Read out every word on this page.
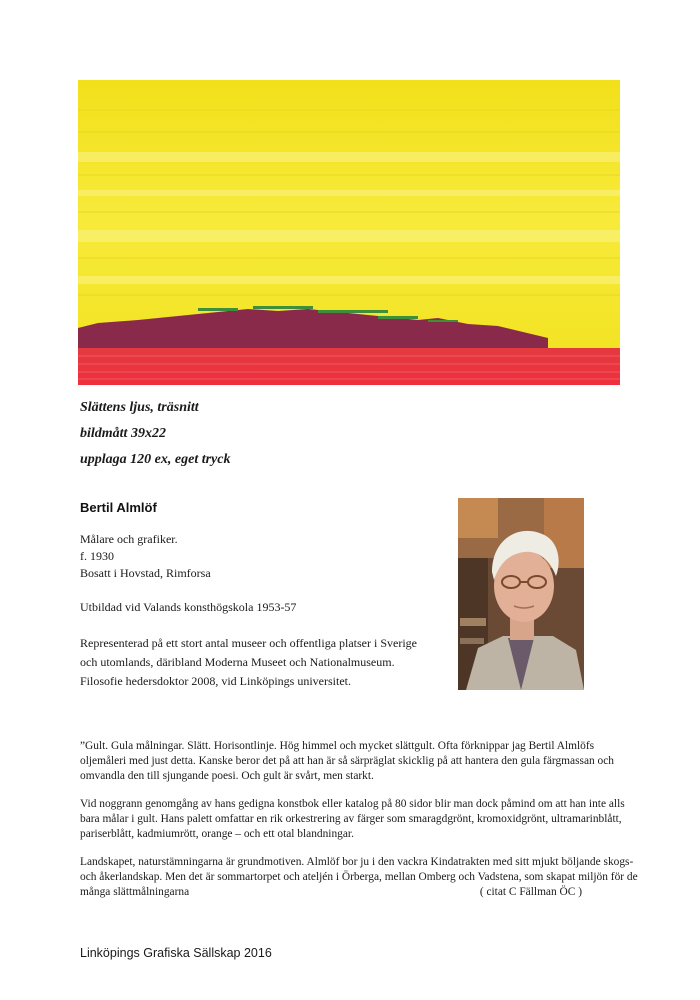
Slättens ljus, träsnitt
bildmått 39x22
upplaga 120 ex, eget tryck
Bertil Almlöf
Målare och grafiker.
f. 1930
Bosatt i Hovstad, Rimforsa
Utbildad vid Valands konsthögskola 1953-57
Representerad på ett stort antal museer och offentliga platser i Sverige
och utomlands, däribland Moderna Museet och Nationalmuseum.
Filosofie hedersdoktor 2008, vid Linköpings universitet.

”Gult. Gula målningar. Slätt. Horisontlinje. Hög himmel och mycket slättgult. Ofta förknippar jag Bertil Almlöfs oljemåleri med just detta. Kanske beror det på att han är så särpräglat skicklig på att hantera den gula färgmassan och omvandla den till sjungande poesi. Och gult är svårt, men starkt.

Vid noggrann genomgång av hans gedigna konstbok eller katalog på 80 sidor blir man dock påmind om att han inte alls bara målar i gult. Hans palett omfattar en rik orkestrering av färger som smaragdgrönt, kromoxidgrönt, ultramarinblått, pariserblått, kadmiumrött, orange – och ett otal blandningar.

Landskapet, naturstämningarna är grundmotiven. Almlöf bor ju i den vackra Kindatrakten med sitt mjukt böljande skogs- och åkerlandskap. Men det är sommartorpet och ateljén i Örberga, mellan Omberg och Vadstena, som skapat miljön för de många slättmålningarna	( citat C Fällman ÖC )

Linköpings Grafiska Sällskap 2016
